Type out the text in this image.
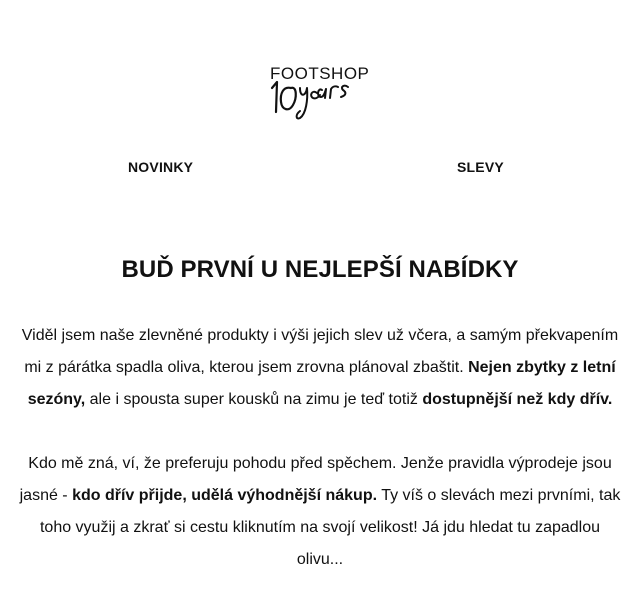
FOOTSHOP
NOVINKY	SLEVY
BUĎ PRVNÍ U NEJLEPŠÍ NABÍDKY

Viděl jsem naše zlevněné produkty i výši jejich slev už včera, a samým překvapením mi z párátka spadla oliva, kterou jsem zrovna plánoval zbaštit. Nejen zbytky z letní sezóny, ale i spousta super kousků na zimu je teď totiž dostupnější než kdy dřív.

Kdo mě zná, ví, že preferuju pohodu před spěchem. Jenže pravidla výprodeje jsou jasné - kdo dřív přijde, udělá výhodnější nákup. Ty víš o slevách mezi prvními, tak toho využij a zkrať si cestu kliknutím na svojí velikost! Já jdu hledat tu zapadlou olivu...
